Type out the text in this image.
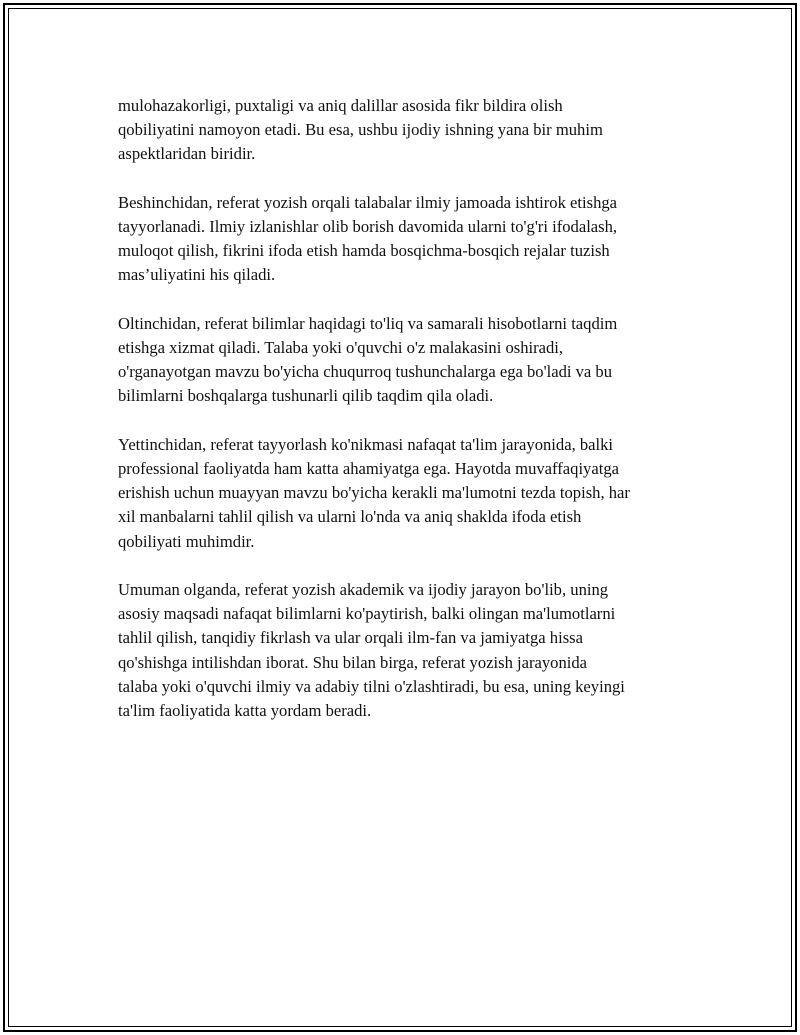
mulohazakorligi, puxtaligi va aniq dalillar asosida fikr bildira olish
qobiliyatini namoyon etadi. Bu esa, ushbu ijodiy ishning yana bir muhim
aspektlaridan biridir.

Beshinchidan, referat yozish orqali talabalar ilmiy jamoada ishtirok etishga
tayyorlanadi. Ilmiy izlanishlar olib borish davomida ularni to'g'ri ifodalash,
muloqot qilish, fikrini ifoda etish hamda bosqichma-bosqich rejalar tuzish
mas’uliyatini his qiladi.

Oltinchidan, referat bilimlar haqidagi to'liq va samarali hisobotlarni taqdim
etishga xizmat qiladi. Talaba yoki o'quvchi o'z malakasini oshiradi,
o'rganayotgan mavzu bo'yicha chuqurroq tushunchalarga ega bo'ladi va bu
bilimlarni boshqalarga tushunarli qilib taqdim qila oladi.

Yettinchidan, referat tayyorlash ko'nikmasi nafaqat ta'lim jarayonida, balki
professional faoliyatda ham katta ahamiyatga ega. Hayotda muvaffaqiyatga
erishish uchun muayyan mavzu bo'yicha kerakli ma'lumotni tezda topish, har
xil manbalarni tahlil qilish va ularni lo'nda va aniq shaklda ifoda etish
qobiliyati muhimdir.

Umuman olganda, referat yozish akademik va ijodiy jarayon bo'lib, uning
asosiy maqsadi nafaqat bilimlarni ko'paytirish, balki olingan ma'lumotlarni
tahlil qilish, tanqidiy fikrlash va ular orqali ilm-fan va jamiyatga hissa
qo'shishga intilishdan iborat. Shu bilan birga, referat yozish jarayonida
talaba yoki o'quvchi ilmiy va adabiy tilni o'zlashtiradi, bu esa, uning keyingi
ta'lim faoliyatida katta yordam beradi.
